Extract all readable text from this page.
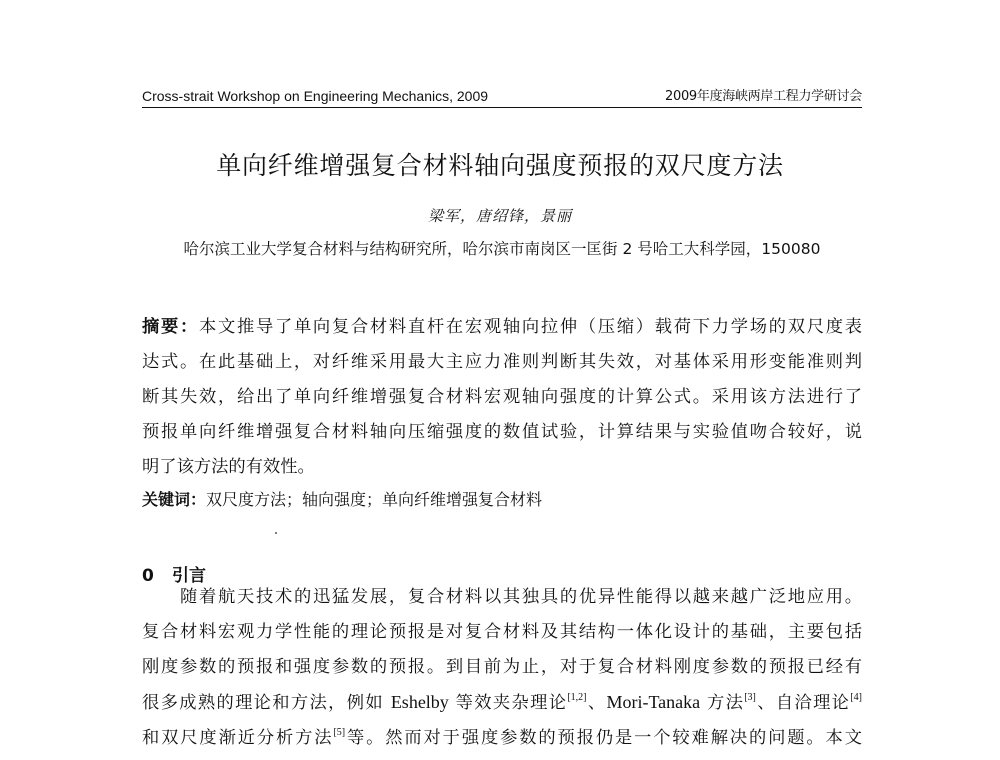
Cross-strait Workshop on Engineering Mechanics, 2009	2009年度海峡两岸工程力学研讨会
单向纤维增强复合材料轴向强度预报的双尺度方法
梁军，唐绍锋，景丽
哈尔滨工业大学复合材料与结构研究所，哈尔滨市南岗区一匡街 2 号哈工大科学园，150080
摘要：本文推导了单向复合材料直杆在宏观轴向拉伸（压缩）载荷下力学场的双尺度表
达式。在此基础上，对纤维采用最大主应力准则判断其失效，对基体采用形变能准则判
断其失效，给出了单向纤维增强复合材料宏观轴向强度的计算公式。采用该方法进行了
预报单向纤维增强复合材料轴向压缩强度的数值试验，计算结果与实验值吻合较好，说
明了该方法的有效性。
关键词：双尺度方法；轴向强度；单向纤维增强复合材料
0 引言
随着航天技术的迅猛发展，复合材料以其独具的优异性能得以越来越广泛地应用。
复合材料宏观力学性能的理论预报是对复合材料及其结构一体化设计的基础，主要包括
刚度参数的预报和强度参数的预报。到目前为止，对于复合材料刚度参数的预报已经有
很多成熟的理论和方法，例如 Eshelby 等效夹杂理论[1,2]、Mori-Tanaka 方法[3]、自洽理论[4]
和双尺度渐近分析方法[5]等。然而对于强度参数的预报仍是一个较难解决的问题。本文
